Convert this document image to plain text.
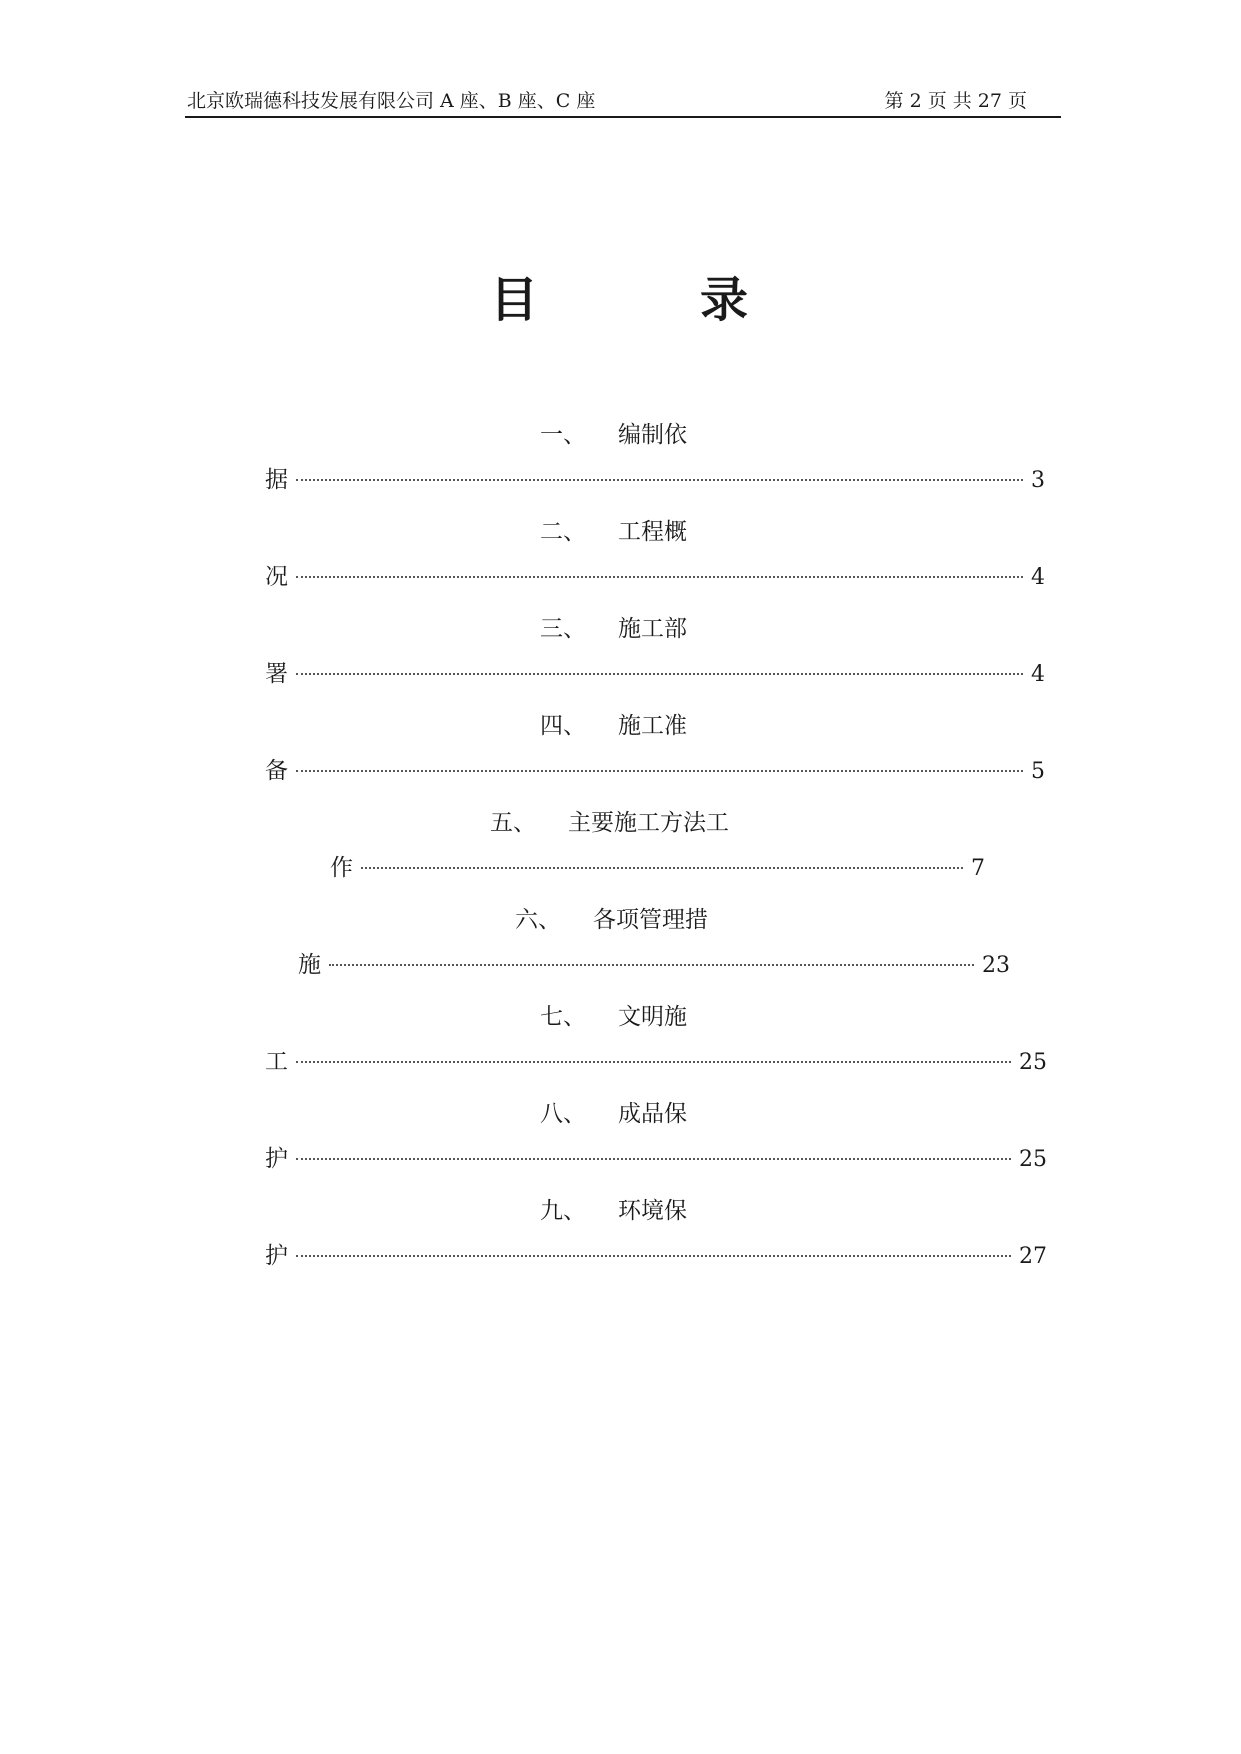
北京欧瑞德科技发展有限公司 A 座、B 座、C 座	第 2 页 共 27 页
目	录
一、 编制依
据	3
二、 工程概
况	4
三、 施工部
署	4
四、 施工准
备	5
五、 主要施工方法工
作	7
六、 各项管理措
施	23
七、 文明施
工	25
八、 成品保
护	25
九、 环境保
护	27
